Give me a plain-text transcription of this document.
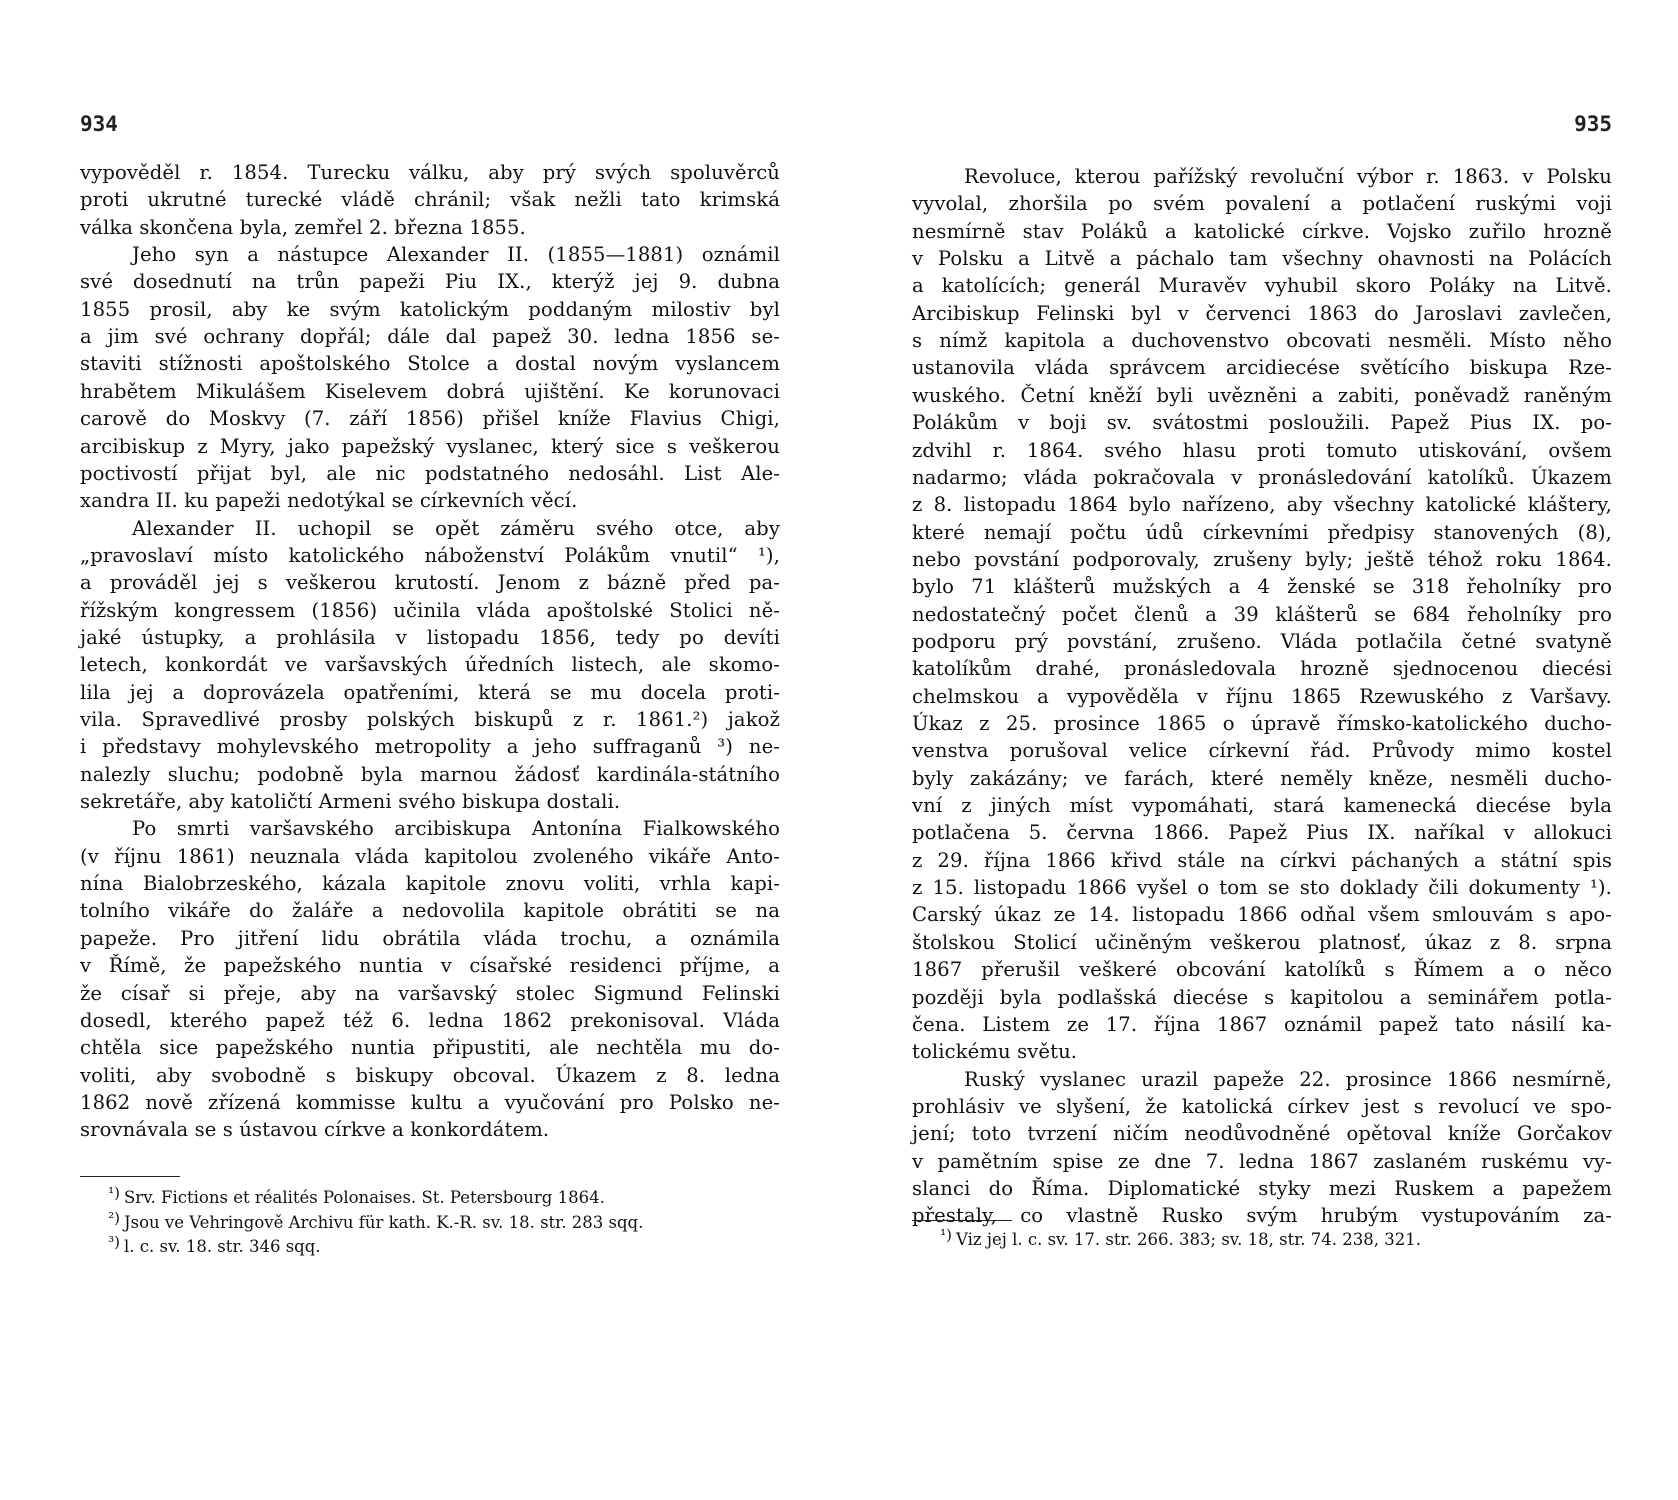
934
vypověděl r. 1854. Turecku válku, aby prý svých spoluvěrců
proti ukrutné turecké vládě chránil; však nežli tato krimská
válka skončena byla, zemřel 2. března 1855.
Jeho syn a nástupce Alexander II. (1855—1881) oznámil
své dosednutí na trůn papeži Piu IX., kterýž jej 9. dubna
1855 prosil, aby ke svým katolickým poddaným milostiv byl
a jim své ochrany dopřál; dále dal papež 30. ledna 1856 se-
staviti stížnosti apoštolského Stolce a dostal novým vyslancem
hrabětem Mikulášem Kiselevem dobrá ujištění. Ke korunovaci
carově do Moskvy (7. září 1856) přišel kníže Flavius Chigi,
arcibiskup z Myry, jako papežský vyslanec, který sice s veškerou
poctivostí přijat byl, ale nic podstatného nedosáhl. List Ale-
xandra II. ku papeži nedotýkal se církevních věcí.
Alexander II. uchopil se opět záměru svého otce, aby
„pravoslaví místo katolického náboženství Polákům vnutil“ ¹),
a prováděl jej s veškerou krutostí. Jenom z bázně před pa-
řížským kongressem (1856) učinila vláda apoštolské Stolici ně-
jaké ústupky, a prohlásila v listopadu 1856, tedy po devíti
letech, konkordát ve varšavských úředních listech, ale skomo-
lila jej a doprovázela opatřeními, která se mu docela proti-
vila. Spravedlivé prosby polských biskupů z r. 1861.²) jakož
i představy mohylevského metropolity a jeho suffraganů ³) ne-
nalezly sluchu; podobně byla marnou žádosť kardinála-státního
sekretáře, aby katoličtí Armeni svého biskupa dostali.
Po smrti varšavského arcibiskupa Antonína Fialkowského
(v říjnu 1861) neuznala vláda kapitolou zvoleného vikáře Anto-
nína Bialobrzeského, kázala kapitole znovu voliti, vrhla kapi-
tolního vikáře do žaláře a nedovolila kapitole obrátiti se na
papeže. Pro jitření lidu obrátila vláda trochu, a oznámila
v Římě, že papežského nuntia v císařské residenci příjme, a
že císař si přeje, aby na varšavský stolec Sigmund Felinski
dosedl, kterého papež též 6. ledna 1862 prekonisoval. Vláda
chtěla sice papežského nuntia připustiti, ale nechtěla mu do-
voliti, aby svobodně s biskupy obcoval. Úkazem z 8. ledna
1862 nově zřízená kommisse kultu a vyučování pro Polsko ne-
srovnávala se s ústavou církve a konkordátem.
¹) Srv. Fictions et réalités Polonaises. St. Petersbourg 1864.
²) Jsou ve Vehringově Archivu für kath. K.-R. sv. 18. str. 283 sqq.
³) l. c. sv. 18. str. 346 sqq.
935
Revoluce, kterou pařížský revoluční výbor r. 1863. v Polsku
vyvolal, zhoršila po svém povalení a potlačení ruskými voji
nesmírně stav Poláků a katolické církve. Vojsko zuřilo hrozně
v Polsku a Litvě a páchalo tam všechny ohavnosti na Polácích
a katolících; generál Muravěv vyhubil skoro Poláky na Litvě.
Arcibiskup Felinski byl v červenci 1863 do Jaroslavi zavlečen,
s nímž kapitola a duchovenstvo obcovati nesměli. Místo něho
ustanovila vláda správcem arcidiecése světícího biskupa Rze-
wuského. Četní kněží byli uvězněni a zabiti, poněvadž raněným
Polákům v boji sv. svátostmi posloužili. Papež Pius IX. po-
zdvihl r. 1864. svého hlasu proti tomuto utiskování, ovšem
nadarmo; vláda pokračovala v pronásledování katolíků. Úkazem
z 8. listopadu 1864 bylo nařízeno, aby všechny katolické kláštery,
které nemají počtu údů církevními předpisy stanovených (8),
nebo povstání podporovaly, zrušeny byly; ještě téhož roku 1864.
bylo 71 klášterů mužských a 4 ženské se 318 řeholníky pro
nedostatečný počet členů a 39 klášterů se 684 řeholníky pro
podporu prý povstání, zrušeno. Vláda potlačila četné svatyně
katolíkům drahé, pronásledovala hrozně sjednocenou diecési
chelmskou a vypověděla v říjnu 1865 Rzewuského z Varšavy.
Úkaz z 25. prosince 1865 o úpravě římsko-katolického ducho-
venstva porušoval velice církevní řád. Průvody mimo kostel
byly zakázány; ve farách, které neměly kněze, nesměli ducho-
vní z jiných míst vypomáhati, stará kamenecká diecése byla
potlačena 5. června 1866. Papež Pius IX. naříkal v allokuci
z 29. října 1866 křivd stále na církvi páchaných a státní spis
z 15. listopadu 1866 vyšel o tom se sto doklady čili dokumenty ¹).
Carský úkaz ze 14. listopadu 1866 odňal všem smlouvám s apo-
štolskou Stolicí učiněným veškerou platnosť, úkaz z 8. srpna
1867 přerušil veškeré obcování katolíků s Římem a o něco
později byla podlašská diecése s kapitolou a seminářem potla-
čena. Listem ze 17. října 1867 oznámil papež tato násilí ka-
tolickému světu.
Ruský vyslanec urazil papeže 22. prosince 1866 nesmírně,
prohlásiv ve slyšení, že katolická církev jest s revolucí ve spo-
jení; toto tvrzení ničím neodůvodněné opětoval kníže Gorčakov
v pamětním spise ze dne 7. ledna 1867 zaslaném ruskému vy-
slanci do Říma. Diplomatické styky mezi Ruskem a papežem
přestaly, co vlastně Rusko svým hrubým vystupováním za-
¹) Viz jej l. c. sv. 17. str. 266. 383; sv. 18, str. 74. 238, 321.
